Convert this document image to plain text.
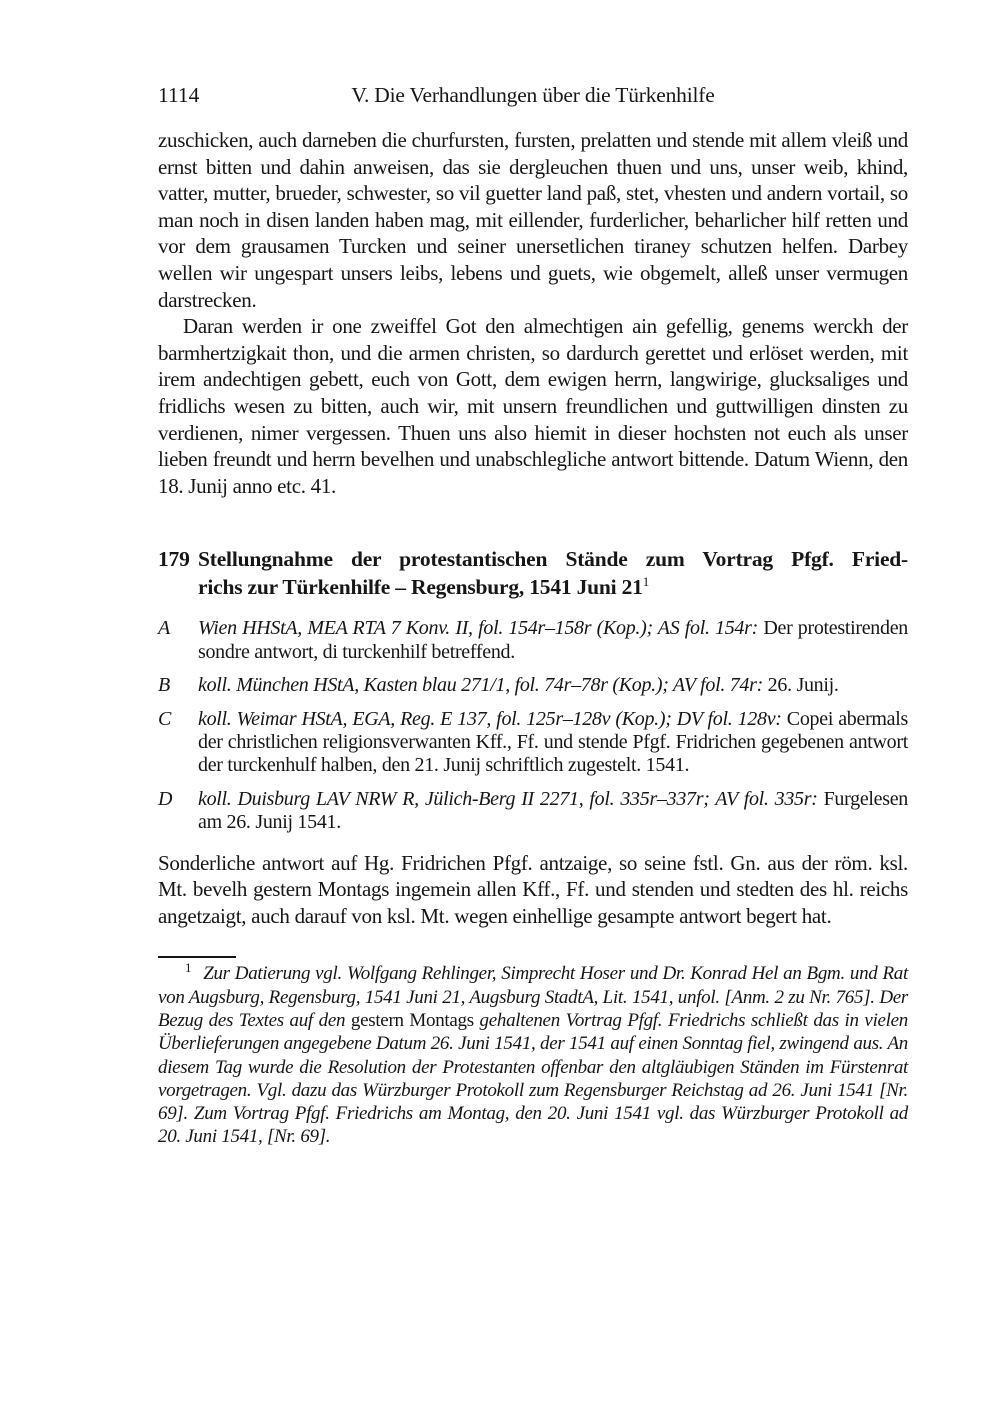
1114	V. Die Verhandlungen über die Türkenhilfe

zuschicken, auch darneben die churfursten, fursten, prelatten und stende mit allem vleiß und ernst bitten und dahin anweisen, das sie dergleuchen thuen und uns, unser weib, khind, vatter, mutter, brueder, schwester, so vil guetter land paß, stet, vhesten und andern vortail, so man noch in disen landen haben mag, mit eillender, furderlicher, beharlicher hilf retten und vor dem grausamen Turcken und seiner unersetlichen tiraney schutzen helfen. Darbey wellen wir ungespart unsers leibs, lebens und guets, wie obgemelt, alleß unser vermugen darstrecken.

Daran werden ir one zweiffel Got den almechtigen ain gefellig, genems werckh der barmhertzigkait thon, und die armen christen, so dardurch gerettet und erlöset werden, mit irem andechtigen gebett, euch von Gott, dem ewigen herrn, langwirige, glucksaliges und fridlichs wesen zu bitten, auch wir, mit unsern freundlichen und guttwilligen dinsten zu verdienen, nimer vergessen. Thuen uns also hiemit in dieser hochsten not euch als unser lieben freundt und herrn bevelhen und unabschlegliche antwort bittende. Datum Wienn, den 18. Junij anno etc. 41.

179 Stellungnahme der protestantischen Stände zum Vortrag Pfgf. Fried-
richs zur Türkenhilfe – Regensburg, 1541 Juni 21$^1$
A Wien HHStA, MEA RTA 7 Konv. II, fol. 154r–158r (Kop.); AS fol. 154r: Der protestirenden sondre antwort, di turckenhilf betreffend.
B koll. München HStA, Kasten blau 271/1, fol. 74r–78r (Kop.); AV fol. 74r: 26. Junij.
C koll. Weimar HStA, EGA, Reg. E 137, fol. 125r–128v (Kop.); DV fol. 128v: Copei abermals der christlichen religionsverwanten Kff., Ff. und stende Pfgf. Fridrichen gegebenen antwort der turckenhulf halben, den 21. Junij schriftlich zugestelt. 1541.
D koll. Duisburg LAV NRW R, Jülich-Berg II 2271, fol. 335r–337r; AV fol. 335r: Furgelesen am 26. Junij 1541.

Sonderliche antwort auf Hg. Fridrichen Pfgf. antzaige, so seine fstl. Gn. aus der röm. ksl. Mt. bevelh gestern Montags ingemein allen Kff., Ff. und stenden und stedten des hl. reichs angetzaigt, auch darauf von ksl. Mt. wegen einhellige gesampte antwort begert hat.

$^1$ Zur Datierung vgl. Wolfgang Rehlinger, Simprecht Hoser und Dr. Konrad Hel an Bgm. und Rat von Augsburg, Regensburg, 1541 Juni 21, Augsburg StadtA, Lit. 1541, unfol. [Anm. 2 zu Nr. 765]. Der Bezug des Textes auf den gestern Montags gehaltenen Vortrag Pfgf. Friedrichs schließt das in vielen Überlieferungen angegebene Datum 26. Juni 1541, der 1541 auf einen Sonntag fiel, zwingend aus. An diesem Tag wurde die Resolution der Protestanten offenbar den altgläubigen Ständen im Fürstenrat vorgetragen. Vgl. dazu das Würzburger Protokoll zum Regensburger Reichstag ad 26. Juni 1541 [Nr. 69]. Zum Vortrag Pfgf. Friedrichs am Montag, den 20. Juni 1541 vgl. das Würzburger Protokoll ad 20. Juni 1541, [Nr. 69].
